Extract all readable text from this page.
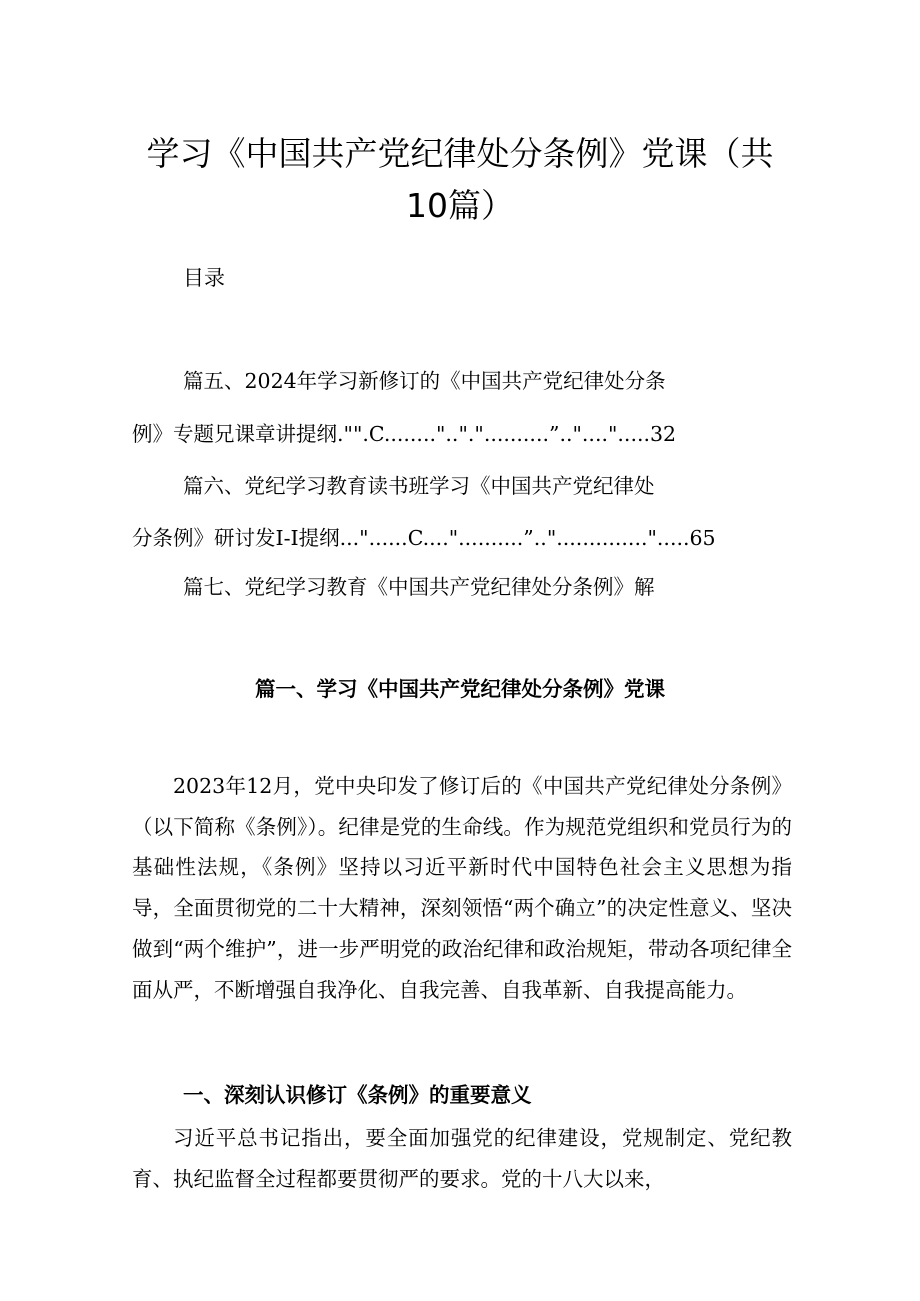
学习《中国共产党纪律处分条例》党课（共
10篇）
目录
篇五、2024年学习新修订的《中国共产党纪律处分条
例》专题兄课章讲提纲."".C........".."."..........”.."....".....32
篇六、党纪学习教育读书班学习《中国共产党纪律处
分条例》研讨发I-I提纲..."......C...."..........”.."..............".....65
篇七、党纪学习教育《中国共产党纪律处分条例》解
篇一、学习《中国共产党纪律处分条例》党课

2023年12月，党中央印发了修订后的《中国共产党纪律处分条例》（以下简称《条例》）。纪律是党的生命线。作为规范党组织和党员行为的基础性法规，《条例》坚持以习近平新时代中国特色社会主义思想为指导，全面贯彻党的二十大精神，深刻领悟“两个确立”的决定性意义、坚决做到“两个维护”，进一步严明党的政治纪律和政治规矩，带动各项纪律全面从严，不断增强自我净化、自我完善、自我革新、自我提高能力。

一、深刻认识修订《条例》的重要意义

习近平总书记指出，要全面加强党的纪律建设，党规制定、党纪教育、执纪监督全过程都要贯彻严的要求。党的十八大以来，
